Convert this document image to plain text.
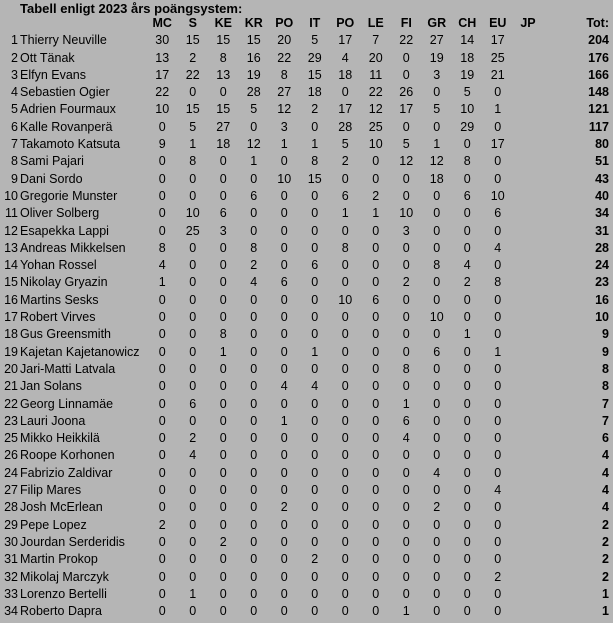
Tabell enligt 2023 års poängsystem:
		MC	S	KE	KR	PO	IT	PO	LE	FI	GR	CH	EU	JP	Tot:
1	Thierry Neuville	30	15	15	15	20	5	17	7	22	27	14	17		204
2	Ott Tänak	13	2	8	16	22	29	4	20	0	19	18	25		176
3	Elfyn Evans	17	22	13	19	8	15	18	11	0	3	19	21		166
4	Sebastien Ogier	22	0	0	28	27	18	0	22	26	0	5	0		148
5	Adrien Fourmaux	10	15	15	5	12	2	17	12	17	5	10	1		121
6	Kalle Rovanperä	0	5	27	0	3	0	28	25	0	0	29	0		117
7	Takamoto Katsuta	9	1	18	12	1	1	5	10	5	1	0	17		80
8	Sami Pajari	0	8	0	1	0	8	2	0	12	12	8	0		51
9	Dani Sordo	0	0	0	0	10	15	0	0	0	18	0	0		43
10	Gregorie Munster	0	0	0	6	0	0	6	2	0	0	6	10		40
11	Oliver Solberg	0	10	6	0	0	0	1	1	10	0	0	6		34
12	Esapekka Lappi	0	25	3	0	0	0	0	0	3	0	0	0		31
13	Andreas Mikkelsen	8	0	0	8	0	0	8	0	0	0	0	4		28
14	Yohan Rossel	4	0	0	2	0	6	0	0	0	8	4	0		24
15	Nikolay Gryazin	1	0	0	4	6	0	0	0	2	0	2	8		23
16	Martins Sesks	0	0	0	0	0	0	10	6	0	0	0	0		16
17	Robert Virves	0	0	0	0	0	0	0	0	0	10	0	0		10
18	Gus Greensmith	0	0	8	0	0	0	0	0	0	0	1	0		9
19	Kajetan Kajetanowicz	0	0	1	0	0	1	0	0	0	6	0	1		9
20	Jari-Matti Latvala	0	0	0	0	0	0	0	0	8	0	0	0		8
21	Jan Solans	0	0	0	0	4	4	0	0	0	0	0	0		8
22	Georg Linnamäe	0	6	0	0	0	0	0	0	1	0	0	0		7
23	Lauri Joona	0	0	0	0	1	0	0	0	6	0	0	0		7
25	Mikko Heikkilä	0	2	0	0	0	0	0	0	4	0	0	0		6
26	Roope Korhonen	0	4	0	0	0	0	0	0	0	0	0	0		4
24	Fabrizio Zaldivar	0	0	0	0	0	0	0	0	0	4	0	0		4
27	Filip Mares	0	0	0	0	0	0	0	0	0	0	0	4		4
28	Josh McErlean	0	0	0	0	2	0	0	0	0	2	0	0		4
29	Pepe Lopez	2	0	0	0	0	0	0	0	0	0	0	0		2
30	Jourdan Serderidis	0	0	2	0	0	0	0	0	0	0	0	0		2
31	Martin Prokop	0	0	0	0	0	2	0	0	0	0	0	0		2
32	Mikolaj Marczyk	0	0	0	0	0	0	0	0	0	0	0	2		2
33	Lorenzo Bertelli	0	1	0	0	0	0	0	0	0	0	0	0		1
34	Roberto Dapra	0	0	0	0	0	0	0	0	1	0	0	0		1
